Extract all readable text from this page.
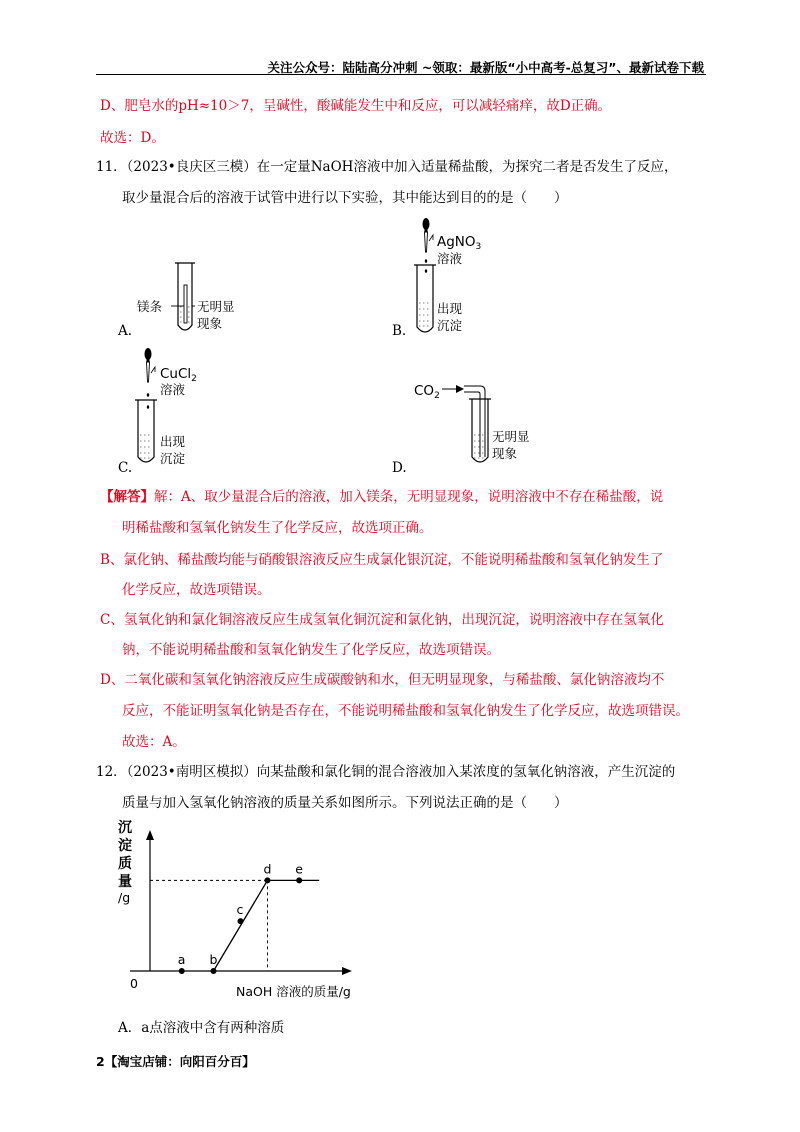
关注公众号：陆陆高分冲刺 ~领取：最新版“小中高考-总复习”、最新试卷下载
D、肥皂水的pH≈10＞7，呈碱性，酸碱能发生中和反应，可以减轻痛痒，故D正确。
故选：D。
11．（2023•良庆区三模）在一定量NaOH溶液中加入适量稀盐酸，为探究二者是否发生了反应，
取少量混合后的溶液于试管中进行以下实验，其中能达到目的的是（　　）
A.
镁条	无明显
现象	B.
AgNO$_3$
溶液
出现
沉淀
C.
CuCl$_2$
溶液
出现
沉淀
D.
$CO_2$
无明显
现象
【解答】解：A、取少量混合后的溶液，加入镁条，无明显现象，说明溶液中不存在稀盐酸，说
明稀盐酸和氢氧化钠发生了化学反应，故选项正确。
B、氯化钠、稀盐酸均能与硝酸银溶液反应生成氯化银沉淀，不能说明稀盐酸和氢氧化钠发生了
化学反应，故选项错误。
C、氢氧化钠和氯化铜溶液反应生成氢氧化铜沉淀和氯化钠，出现沉淀，说明溶液中存在氢氧化
钠，不能说明稀盐酸和氢氧化钠发生了化学反应，故选项错误。
D、二氧化碳和氢氧化钠溶液反应生成碳酸钠和水，但无明显现象，与稀盐酸、氯化钠溶液均不
反应，不能证明氢氧化钠是否存在，不能说明稀盐酸和氢氧化钠发生了化学反应，故选项错误。
故选：A。
12．（2023•南明区模拟）向某盐酸和氯化铜的混合溶液加入某浓度的氢氧化钠溶液，产生沉淀的
质量与加入氢氧化钠溶液的质量关系如图所示。下列说法正确的是（　　）
沉
淀
质
量
/g
0
NaOH 溶液的质量/g
a b
c
d e
A．a点溶液中含有两种溶质
2【淘宝店铺：向阳百分百】
